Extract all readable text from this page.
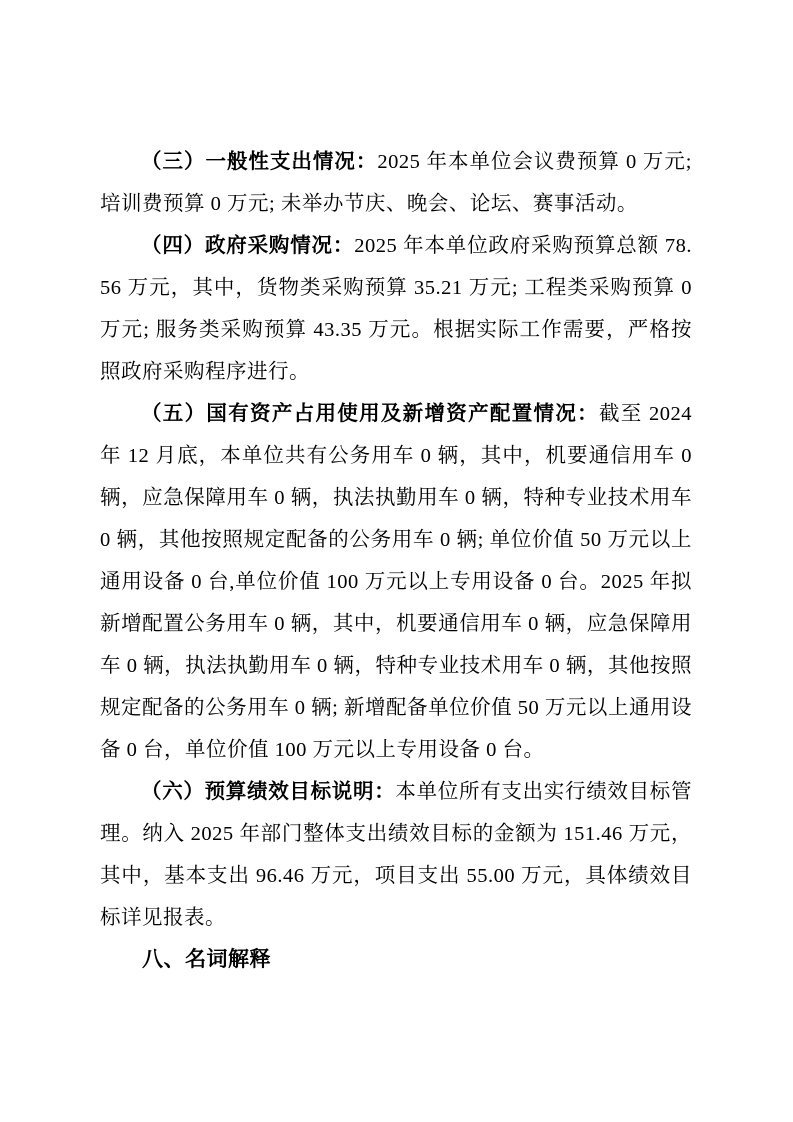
（三）一般性支出情况：2025 年本单位会议费预算 0 万元; 培训费预算 0 万元; 未举办节庆、晚会、论坛、赛事活动。

（四）政府采购情况：2025 年本单位政府采购预算总额 78.56 万元，其中，货物类采购预算 35.21 万元; 工程类采购预算 0 万元; 服务类采购预算 43.35 万元。根据实际工作需要，严格按照政府采购程序进行。

（五）国有资产占用使用及新增资产配置情况：截至 2024 年 12 月底，本单位共有公务用车 0 辆，其中，机要通信用车 0 辆，应急保障用车 0 辆，执法执勤用车 0 辆，特种专业技术用车 0 辆，其他按照规定配备的公务用车 0 辆; 单位价值 50 万元以上通用设备 0 台,单位价值 100 万元以上专用设备 0 台。2025 年拟新增配置公务用车 0 辆，其中，机要通信用车 0 辆，应急保障用车 0 辆，执法执勤用车 0 辆，特种专业技术用车 0 辆，其他按照规定配备的公务用车 0 辆; 新增配备单位价值 50 万元以上通用设备 0 台，单位价值 100 万元以上专用设备 0 台。

（六）预算绩效目标说明：本单位所有支出实行绩效目标管理。纳入 2025 年部门整体支出绩效目标的金额为 151.46 万元，其中，基本支出 96.46 万元，项目支出 55.00 万元，具体绩效目标详见报表。

八、名词解释
